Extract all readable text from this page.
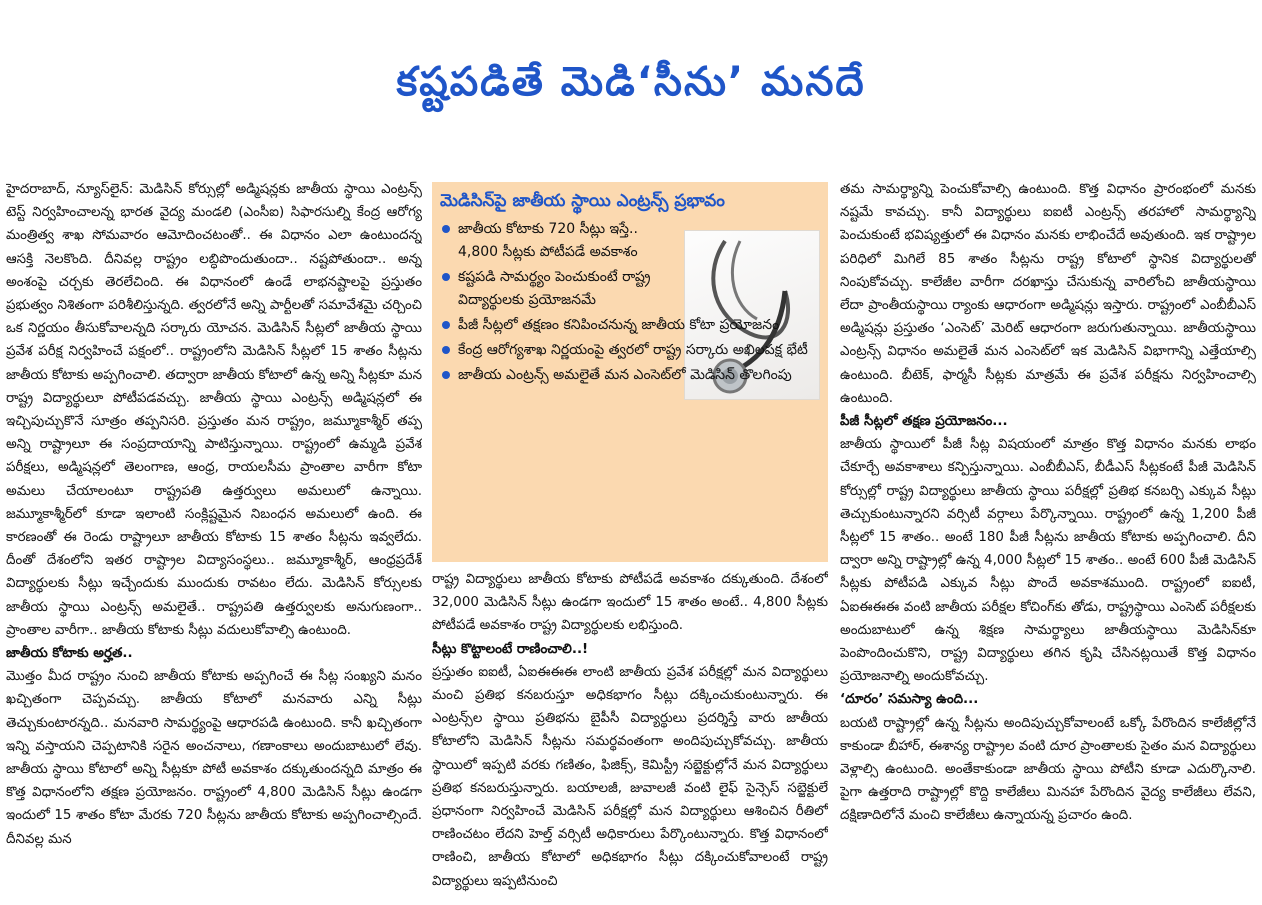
కష్టపడితే మెడి‘సీను’ మనదే

హైదరాబాద్, న్యూస్‌లైన్: మెడిసిన్ కోర్సుల్లో అడ్మిషన్లకు జాతీయ స్థాయి ఎంట్రన్స్ టెస్ట్ నిర్వహించాలన్న భారత వైద్య మండలి (ఎంసీఐ) సిఫారసుల్ని కేంద్ర ఆరోగ్య మంత్రిత్వ శాఖ సోమవారం ఆమోదించటంతో.. ఈ విధానం ఎలా ఉంటుందన్న ఆసక్తి నెలకొంది. దీనివల్ల రాష్ట్రం లబ్ధిపొందుతుందా.. నష్టపోతుందా.. అన్న అంశంపై చర్చకు తెరలేచింది. ఈ విధానంలో ఉండే లాభనష్టాలపై ప్రస్తుతం ప్రభుత్వం నిశితంగా పరిశీలిస్తున్నది. త్వరలోనే అన్ని పార్టీలతో సమావేశమై చర్చించి ఒక నిర్ణయం తీసుకోవాలన్నది సర్కారు యోచన. మెడిసిన్ సీట్లలో జాతీయ స్థాయి ప్రవేశ పరీక్ష నిర్వహించే పక్షంలో.. రాష్ట్రంలోని మెడిసిన్ సీట్లలో 15 శాతం సీట్లను జాతీయ కోటాకు అప్పగించాలి. తద్వారా జాతీయ కోటాలో ఉన్న అన్ని సీట్లకూ మన రాష్ట్ర విద్యార్థులూ పోటీపడవచ్చు. జాతీయ స్థాయి ఎంట్రన్స్ అడ్మిషన్లలో ఈ ఇచ్చిపుచ్చుకొనే సూత్రం తప్పనిసరి. ప్రస్తుతం మన రాష్ట్రం, జమ్మూకాశ్మీర్ తప్ప అన్ని రాష్ట్రాలూ ఈ సంప్రదాయాన్ని పాటిస్తున్నాయి. రాష్ట్రంలో ఉమ్మడి ప్రవేశ పరీక్షలు, అడ్మిషన్లలో తెలంగాణ, ఆంధ్ర, రాయలసీమ ప్రాంతాల వారీగా కోటా అమలు చేయాలంటూ రాష్ట్రపతి ఉత్తర్వులు అమలులో ఉన్నాయి. జమ్మూకాశ్మీర్‌లో కూడా ఇలాంటి సంక్లిష్టమైన నిబంధన అమలులో ఉంది. ఈ కారణంతో ఈ రెండు రాష్ట్రాలూ జాతీయ కోటాకు 15 శాతం సీట్లను ఇవ్వలేదు. దీంతో దేశంలోని ఇతర రాష్ట్రాల విద్యాసంస్థలు.. జమ్మూకాశ్మీర్, ఆంధ్రప్రదేశ్ విద్యార్థులకు సీట్లు ఇచ్చేందుకు ముందుకు రావటం లేదు. మెడిసిన్ కోర్సులకు జాతీయ స్థాయి ఎంట్రన్స్ అమలైతే.. రాష్ట్రపతి ఉత్తర్వులకు అనుగుణంగా.. ప్రాంతాల వారీగా.. జాతీయ కోటాకు సీట్లు వదులుకోవాల్సి ఉంటుంది.

జాతీయ కోటాకు అర్హత..

మొత్తం మీద రాష్ట్రం నుంచి జాతీయ కోటాకు అప్పగించే ఈ సీట్ల సంఖ్యని మనం ఖచ్చితంగా చెప్పవచ్చు. జాతీయ కోటాలో మనవారు ఎన్ని సీట్లు తెచ్చుకుంటారన్నది.. మనవారి సామర్థ్యంపై ఆధారపడి ఉంటుంది. కానీ ఖచ్చితంగా ఇన్ని వస్తాయని చెప్పటానికి సరైన అంచనాలు, గణాంకాలు అందుబాటులో లేవు. జాతీయ స్థాయి కోటాలో అన్ని సీట్లకూ పోటీ అవకాశం దక్కుతుందన్నది మాత్రం ఈ కొత్త విధానంలోని తక్షణ ప్రయోజనం. రాష్ట్రంలో 4,800 మెడిసిన్ సీట్లు ఉండగా ఇందులో 15 శాతం కోటా మేరకు 720 సీట్లను జాతీయ కోటాకు అప్పగించాల్సిందే. దీనివల్ల మన

మెడిసిన్‌పై జాతీయ స్థాయి ఎంట్రన్స్ ప్రభావం
జాతీయ కోటాకు 720 సీట్లు ఇస్తే.. 4,800 సీట్లకు పోటీపడే అవకాశం
కష్టపడి సామర్థ్యం పెంచుకుంటే రాష్ట్ర విద్యార్థులకు ప్రయోజనమే
పీజీ సీట్లలో తక్షణం కనిపించనున్న జాతీయ కోటా ప్రయోజనం
కేంద్ర ఆరోగ్యశాఖ నిర్ణయంపై త్వరలో రాష్ట్ర సర్కారు అఖిలపక్ష భేటీ
జాతీయ ఎంట్రన్స్ అమలైతే మన ఎంసెట్‌లో మెడిసిన్ తొలగింపు

రాష్ట్ర విద్యార్థులు జాతీయ కోటాకు పోటీపడే అవకాశం దక్కుతుంది. దేశంలో 32,000 మెడిసిన్ సీట్లు ఉండగా ఇందులో 15 శాతం అంటే.. 4,800 సీట్లకు పోటీపడే అవకాశం రాష్ట్ర విద్యార్థులకు లభిస్తుంది.

సీట్లు కొట్టాలంటే రాణించాలి..!

ప్రస్తుతం ఐఐటీ, ఏఐఈఈఈ లాంటి జాతీయ ప్రవేశ పరీక్షల్లో మన విద్యార్థులు మంచి ప్రతిభ కనబరుస్తూ అధికభాగం సీట్లు దక్కించుకుంటున్నారు. ఈ ఎంట్రన్స్‌ల స్థాయి ప్రతిభను బైపీసీ విద్యార్థులు ప్రదర్శిస్తే వారు జాతీయ కోటాలోని మెడిసిన్ సీట్లను సమర్థవంతంగా అందిపుచ్చుకోవచ్చు. జాతీయ స్థాయిలో ఇప్పటి వరకు గణితం, ఫిజిక్స్, కెమిస్ట్రీ సబ్జెక్టుల్లోనే మన విద్యార్థులు ప్రతిభ కనబరుస్తున్నారు. బయాలజీ, జువాలజీ వంటి లైఫ్ సైన్సెస్ సబ్జెక్టులే ప్రధానంగా నిర్వహించే మెడిసిన్ పరీక్షల్లో మన విద్యార్థులు ఆశించిన రీతిలో రాణించటం లేదని హెల్త్ వర్సిటీ అధికారులు పేర్కొంటున్నారు. కొత్త విధానంలో రాణించి, జాతీయ కోటాలో అధికభాగం సీట్లు దక్కించుకోవాలంటే రాష్ట్ర విద్యార్థులు ఇప్పటినుంచి

తమ సామర్థ్యాన్ని పెంచుకోవాల్సి ఉంటుంది. కొత్త విధానం ప్రారంభంలో మనకు నష్టమే కావచ్చు. కానీ విద్యార్థులు ఐఐటీ ఎంట్రన్స్ తరహాలో సామర్థ్యాన్ని పెంచుకుంటే భవిష్యత్తులో ఈ విధానం మనకు లాభించేదే అవుతుంది. ఇక రాష్ట్రాల పరిధిలో మిగిలే 85 శాతం సీట్లను రాష్ట్ర కోటాలో స్థానిక విద్యార్థులతో నింపుకోవచ్చు. కాలేజీల వారీగా దరఖాస్తు చేసుకున్న వారిలోంచి జాతీయస్థాయి లేదా ప్రాంతీయస్థాయి ర్యాంకు ఆధారంగా అడ్మిషన్లు ఇస్తారు. రాష్ట్రంలో ఎంబీబీఎస్ అడ్మిషన్లు ప్రస్తుతం ‘ఎంసెట్’ మెరిట్ ఆధారంగా జరుగుతున్నాయి. జాతీయస్థాయి ఎంట్రన్స్ విధానం అమలైతే మన ఎంసెట్‌లో ఇక మెడిసిన్ విభాగాన్ని ఎత్తేయాల్సి ఉంటుంది. బీటెక్, ఫార్మసీ సీట్లకు మాత్రమే ఈ ప్రవేశ పరీక్షను నిర్వహించాల్సి ఉంటుంది.

పీజీ సీట్లలో తక్షణ ప్రయోజనం...

జాతీయ స్థాయిలో పీజీ సీట్ల విషయంలో మాత్రం కొత్త విధానం మనకు లాభం చేకూర్చే అవకాశాలు కన్పిస్తున్నాయి. ఎంబీబీఎస్, బీడీఎస్ సీట్లకంటే పీజీ మెడిసిన్ కోర్సుల్లో రాష్ట్ర విద్యార్థులు జాతీయ స్థాయి పరీక్షల్లో ప్రతిభ కనబర్చి ఎక్కువ సీట్లు తెచ్చుకుంటున్నారని వర్సిటీ వర్గాలు పేర్కొన్నాయి. రాష్ట్రంలో ఉన్న 1,200 పీజీ సీట్లలో 15 శాతం.. అంటే 180 పీజీ సీట్లను జాతీయ కోటాకు అప్పగించాలి. దీని ద్వారా అన్ని రాష్ట్రాల్లో ఉన్న 4,000 సీట్లలో 15 శాతం.. అంటే 600 పీజీ మెడిసిన్ సీట్లకు పోటీపడి ఎక్కువ సీట్లు పొందే అవకాశముంది. రాష్ట్రంలో ఐఐటీ, ఏఐఈఈఈ వంటి జాతీయ పరీక్షల కోచింగ్‌కు తోడు, రాష్ట్రస్థాయి ఎంసెట్ పరీక్షలకు అందుబాటులో ఉన్న శిక్షణ సామర్థ్యాలు జాతీయస్థాయి మెడిసిన్‌కూ పెంపొందించుకొని, రాష్ట్ర విద్యార్థులు తగిన కృషి చేసినట్లయితే కొత్త విధానం ప్రయోజనాల్ని అందుకోవచ్చు.

‘దూరం’ సమస్యా ఉంది...

బయటి రాష్ట్రాల్లో ఉన్న సీట్లను అందిపుచ్చుకోవాలంటే ఒక్కో పేరొందిన కాలేజీల్లోనే కాకుండా బీహార్, ఈశాన్య రాష్ట్రాల వంటి దూర ప్రాంతాలకు సైతం మన విద్యార్థులు వెళ్లాల్సి ఉంటుంది. అంతేకాకుండా జాతీయ స్థాయి పోటీని కూడా ఎదుర్కొనాలి. పైగా ఉత్తరాది రాష్ట్రాల్లో కొద్ది కాలేజీలు మినహా పేరొందిన వైద్య కాలేజీలు లేవని, దక్షిణాదిలోనే మంచి కాలేజీలు ఉన్నాయన్న ప్రచారం ఉంది.
